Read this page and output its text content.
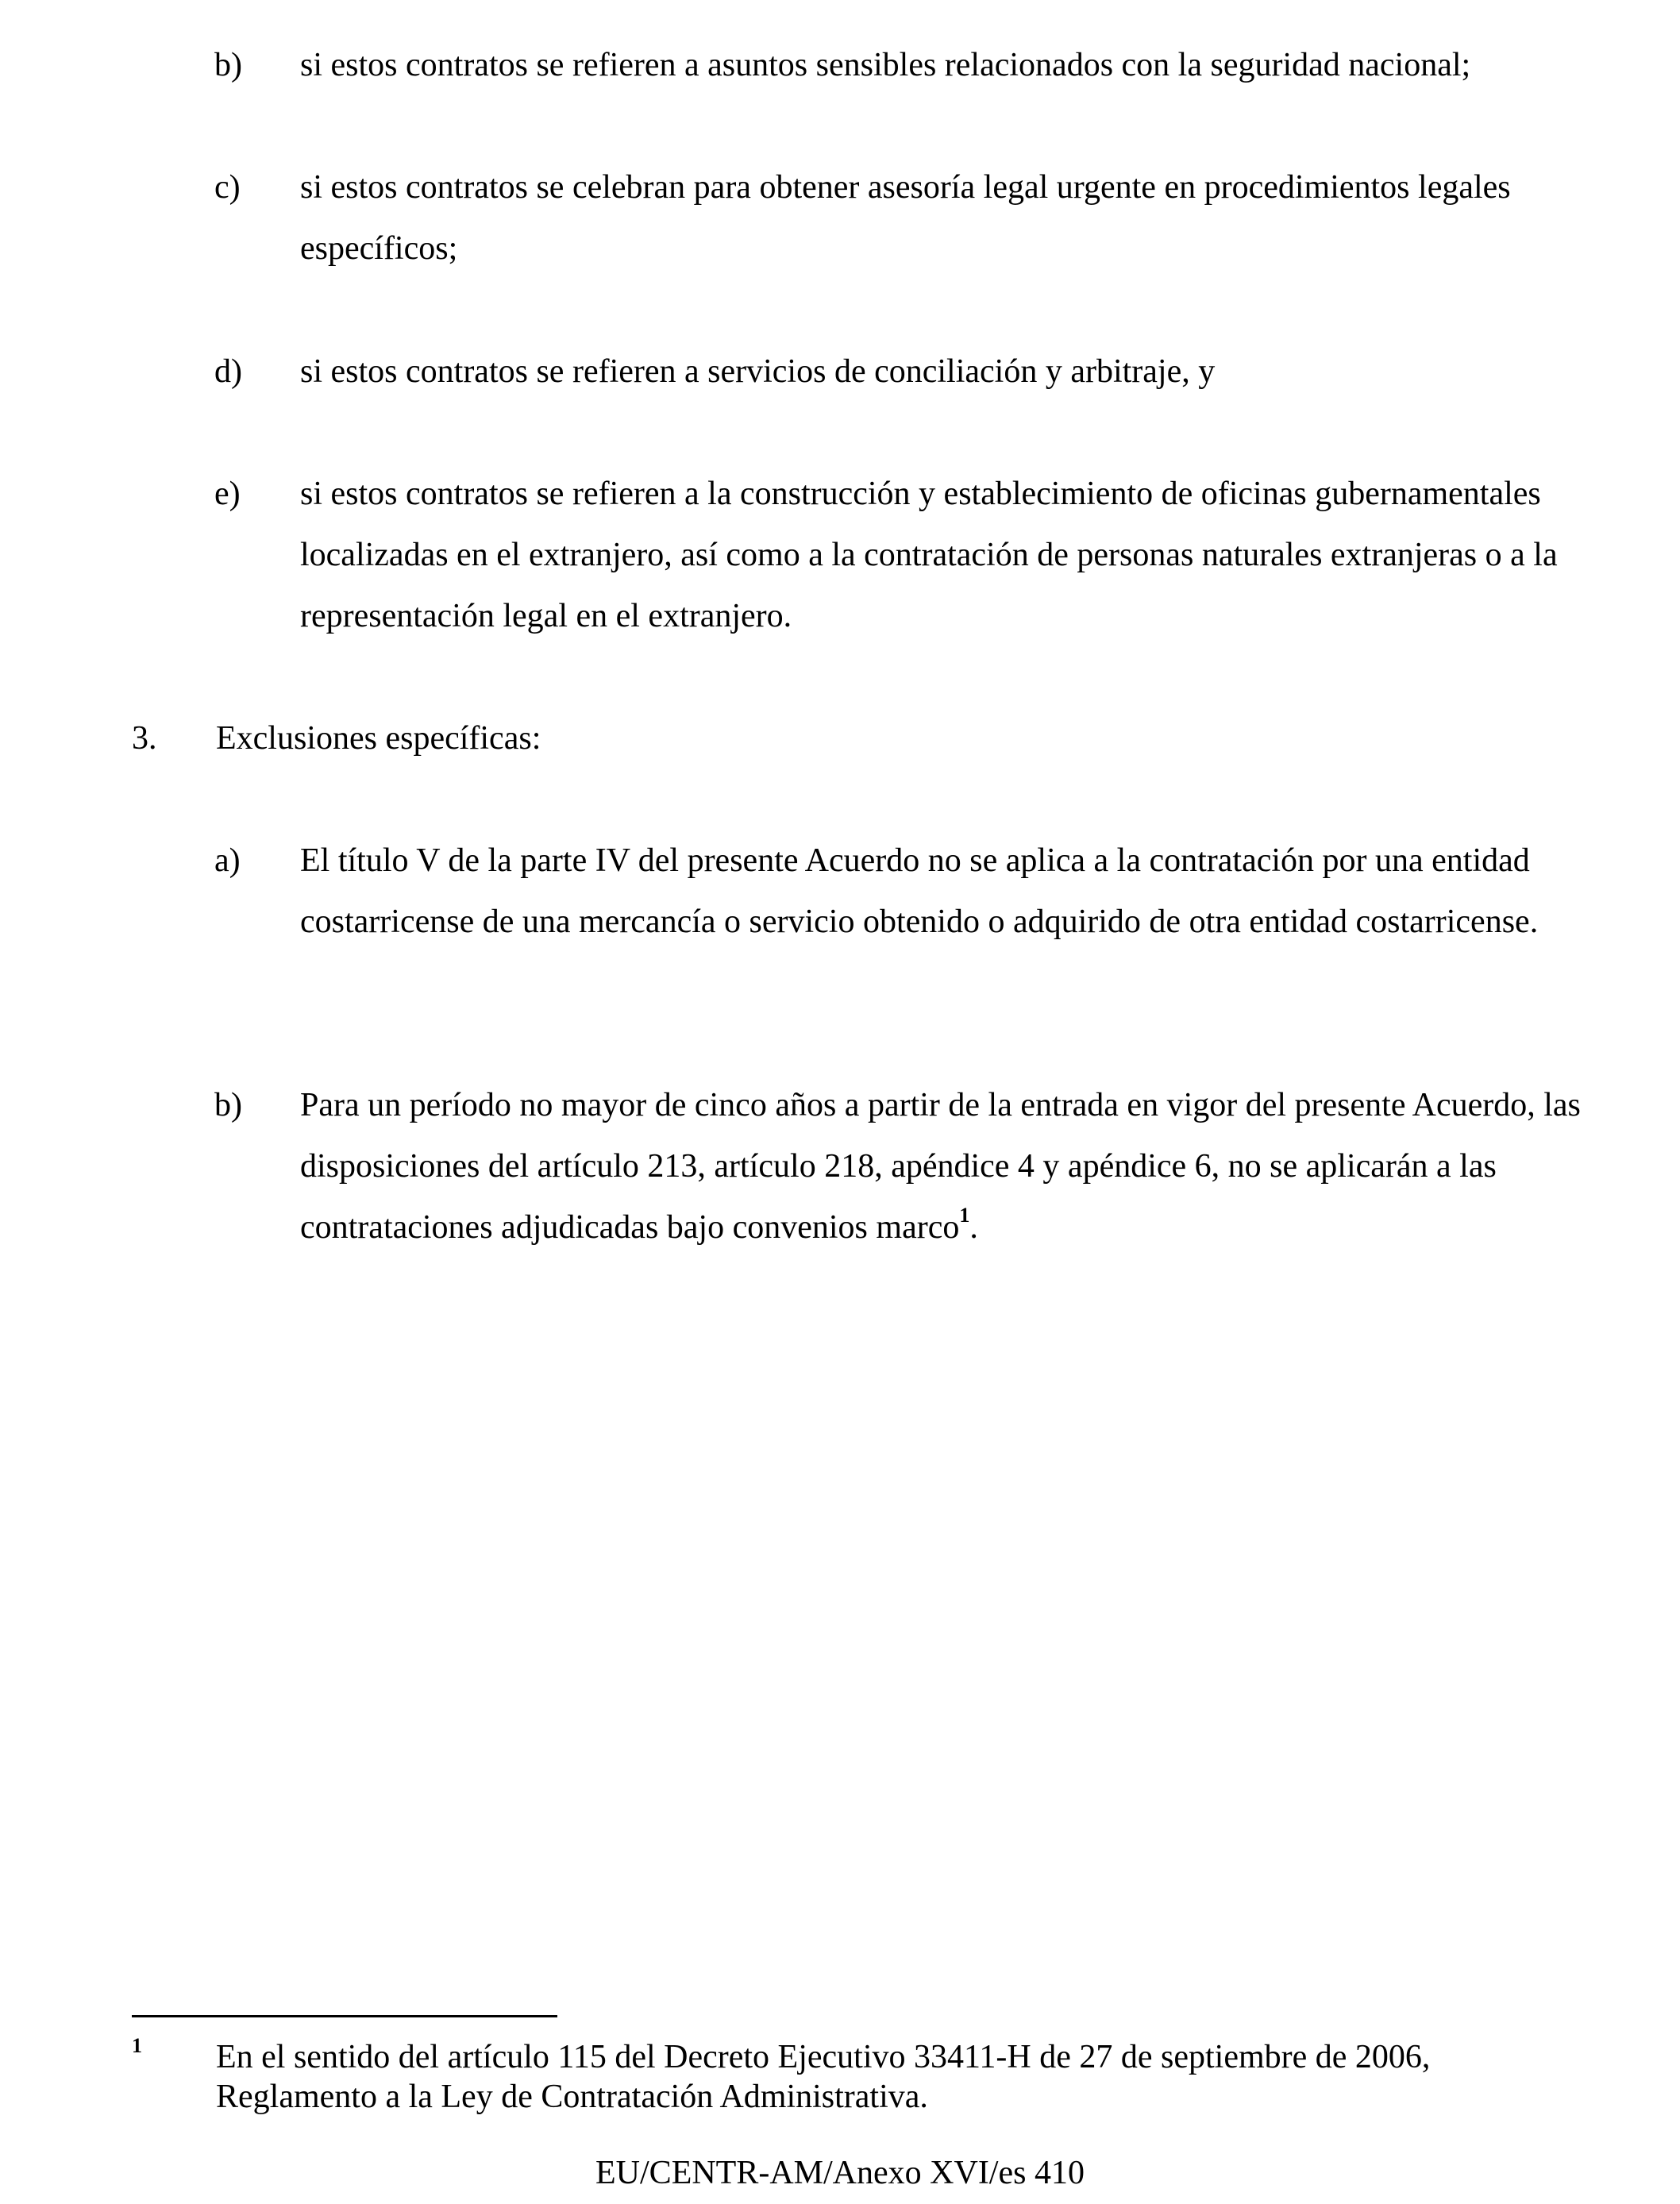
b) si estos contratos se refieren a asuntos sensibles relacionados con la seguridad nacional;
c) si estos contratos se celebran para obtener asesoría legal urgente en procedimientos legales específicos;
d) si estos contratos se refieren a servicios de conciliación y arbitraje, y
e) si estos contratos se refieren a la construcción y establecimiento de oficinas gubernamentales localizadas en el extranjero, así como a la contratación de personas naturales extranjeras o a la representación legal en el extranjero.
3. Exclusiones específicas:
a) El título V de la parte IV del presente Acuerdo no se aplica a la contratación por una entidad costarricense de una mercancía o servicio obtenido o adquirido de otra entidad costarricense.
b) Para un período no mayor de cinco años a partir de la entrada en vigor del presente Acuerdo, las disposiciones del artículo 213, artículo 218, apéndice 4 y apéndice 6, no se aplicarán a las contrataciones adjudicadas bajo convenios marco$^1$.
1 En el sentido del artículo 115 del Decreto Ejecutivo 33411-H de 27 de septiembre de 2006, Reglamento a la Ley de Contratación Administrativa.
EU/CENTR-AM/Anexo XVI/es 410
